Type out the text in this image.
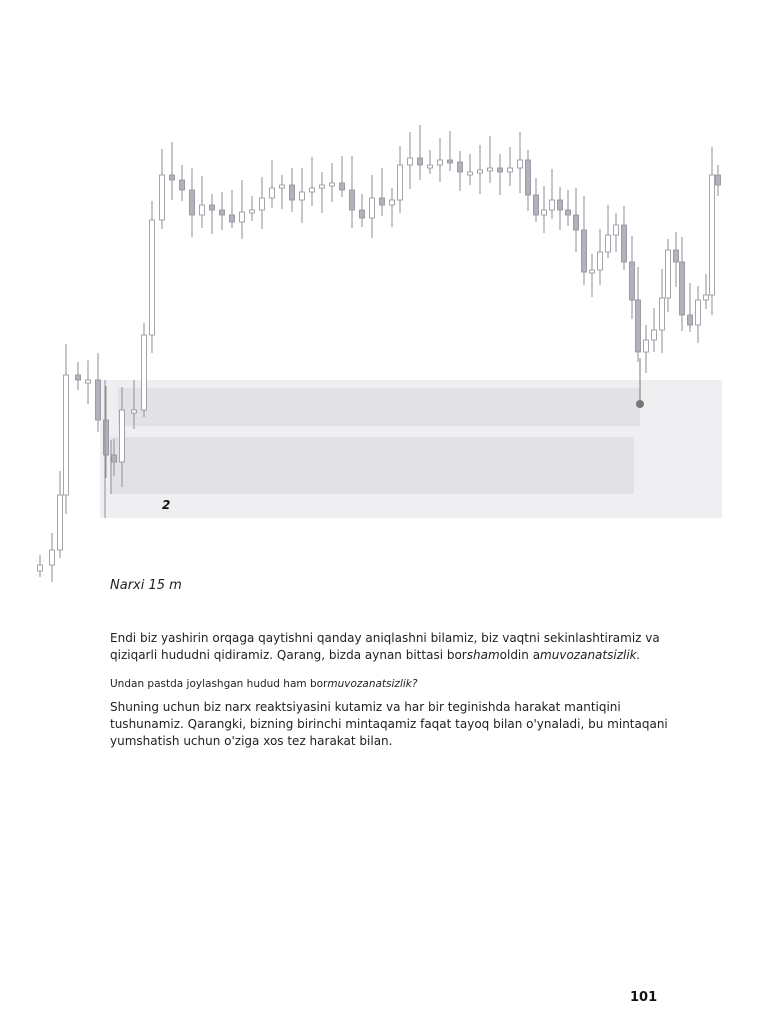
2
Narxi 15 m

Endi biz yashirin orqaga qaytishni qanday aniqlashni bilamiz, biz vaqtni sekinlashtiramiz va qiziqarli hududni qidiramiz. Qarang, bizda aynan bittasi borshamoldin amuvozanatsizlik.

Undan pastda joylashgan hudud ham bormuvozanatsizlik?

Shuning uchun biz narx reaktsiyasini kutamiz va har bir teginishda harakat mantiqini tushunamiz. Qarangki, bizning birinchi mintaqamiz faqat tayoq bilan o'ynaladi, bu mintaqani yumshatish uchun o'ziga xos tez harakat bilan.

101
